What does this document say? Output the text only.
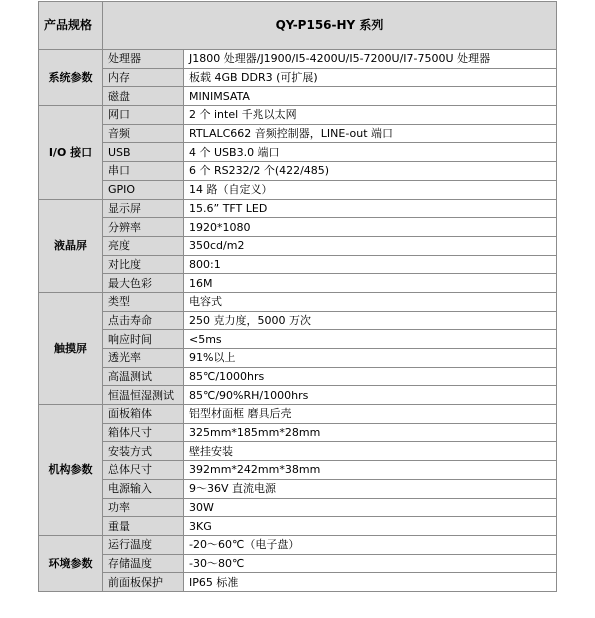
产品规格	QY-P156-HY 系列	
系统参数	处理器	J1800 处理器/J1900/I5-4200U/I5-7200U/I7-7500U 处理器
	内存	板载 4GB DDR3 (可扩展)
	磁盘	MINIMSATA
I/O 接口	网口	2 个 intel 千兆以太网
	音频	RTLALC662 音频控制器，LINE-out 端口
	USB	4 个 USB3.0 端口
	串口	6 个 RS232/2 个(422/485)
	GPIO	14 路（自定义）
液晶屏	显示屏	15.6” TFT LED
	分辨率	1920*1080
	亮度	350cd/m2
	对比度	800:1
	最大色彩	16M
触摸屏	类型	电容式
	点击寿命	250 克力度，5000 万次
	响应时间	<5ms
	透光率	91%以上
	高温测试	85℃/1000hrs
	恒温恒湿测试	85℃/90%RH/1000hrs
机构参数	面板箱体	铝型材面框 磨具后壳
	箱体尺寸	325mm*185mm*28mm
	安装方式	壁挂安装
	总体尺寸	392mm*242mm*38mm
	电源输入	9～36V 直流电源
	功率	30W
	重量	3KG
环境参数	运行温度	-20～60℃（电子盘）
	存储温度	-30～80℃
	前面板保护	IP65 标准
